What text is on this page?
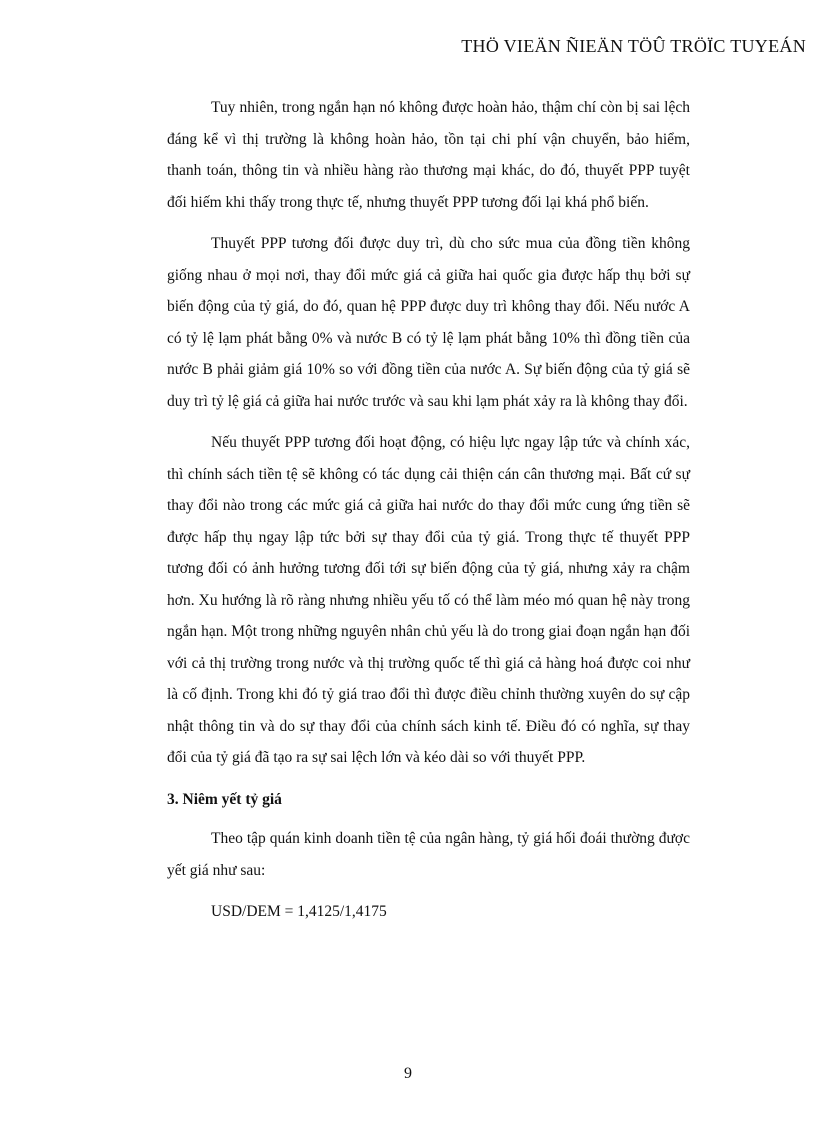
THÖ VIEÄN ÑIEÄN TÖÛ TRÖÏC TUYEÁN

Tuy nhiên, trong ngắn hạn nó không được hoàn hảo, thậm chí còn bị sai lệch đáng kể vì thị trường là không hoàn hảo, tồn tại chi phí vận chuyển, bảo hiểm, thanh toán, thông tin và nhiều hàng rào thương mại khác, do đó, thuyết PPP tuyệt đối hiếm khi thấy trong thực tế, nhưng thuyết PPP tương đối lại khá phổ biến.

Thuyết PPP tương đối được duy trì, dù cho sức mua của đồng tiền không giống nhau ở mọi nơi, thay đổi mức giá cả giữa hai quốc gia được hấp thụ bởi sự biến động của tỷ giá, do đó, quan hệ PPP được duy trì không thay đổi. Nếu nước A có tỷ lệ lạm phát bằng 0% và nước B có tỷ lệ lạm phát bằng 10% thì đồng tiền của nước B phải giảm giá 10% so với đồng tiền của nước A. Sự biến động của tỷ giá sẽ duy trì tỷ lệ giá cả giữa hai nước trước và sau khi lạm phát xảy ra là không thay đổi.

Nếu thuyết PPP tương đối hoạt động, có hiệu lực ngay lập tức và chính xác, thì chính sách tiền tệ sẽ không có tác dụng cải thiện cán cân thương mại. Bất cứ sự thay đổi nào trong các mức giá cả giữa hai nước do thay đổi mức cung ứng tiền sẽ được hấp thụ ngay lập tức bởi sự thay đổi của tỷ giá. Trong thực tế thuyết PPP tương đối có ảnh hưởng tương đối tới sự biến động của tỷ giá, nhưng xảy ra chậm hơn. Xu hướng là rõ ràng nhưng nhiều yếu tố có thể làm méo mó quan hệ này trong ngắn hạn. Một trong những nguyên nhân chủ yếu là do trong giai đoạn ngắn hạn đối với cả thị trường trong nước và thị trường quốc tế thì giá cả hàng hoá được coi như là cố định. Trong khi đó tỷ giá trao đổi thì được điều chỉnh thường xuyên do sự cập nhật thông tin và do sự thay đổi của chính sách kinh tế. Điều đó có nghĩa, sự thay đổi của tỷ giá đã tạo ra sự sai lệch lớn và kéo dài so với thuyết PPP.

3. Niêm yết tỷ giá

Theo tập quán kinh doanh tiền tệ của ngân hàng, tỷ giá hối đoái thường được yết giá như sau:

USD/DEM = 1,4125/1,4175

9
